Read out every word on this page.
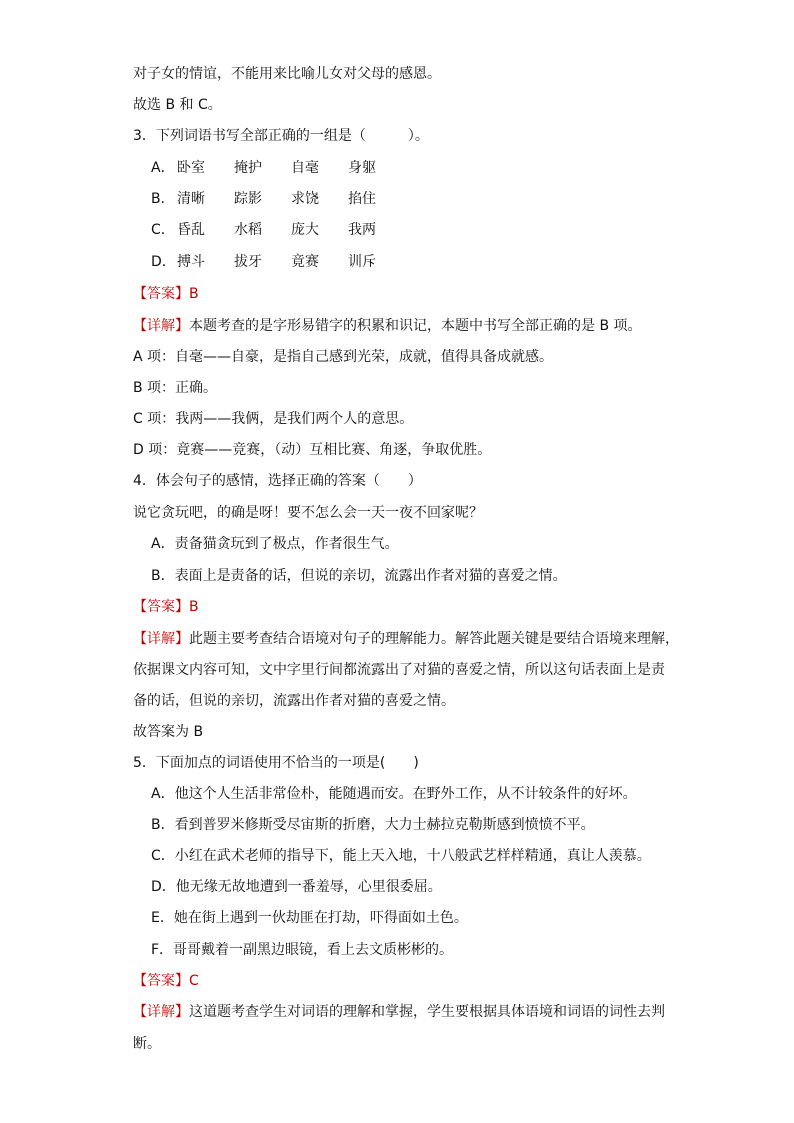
对子女的情谊，不能用来比喻儿女对父母的感恩。
故选 B 和 C。
3．下列词语书写全部正确的一组是（　　　）。
A． 卧室	掩护	自毫	身躯
B． 清晰	踪影	求饶	掐住
C． 昏乱	水稻	庞大	我两
D． 搏斗	拔牙	竟赛	训斥
【答案】B
【详解】本题考查的是字形易错字的积累和识记，本题中书写全部正确的是 B 项。
A 项：自毫——自豪，是指自己感到光荣，成就，值得具备成就感。
B 项：正确。
C 项：我两——我俩，是我们两个人的意思。
D 项：竟赛——竞赛，（动）互相比赛、角逐，争取优胜。
4．体会句子的感情，选择正确的答案（　　）
说它贪玩吧，的确是呀！要不怎么会一天一夜不回家呢？
A．责备猫贪玩到了极点，作者很生气。
B．表面上是责备的话，但说的亲切，流露出作者对猫的喜爱之情。
【答案】B
【详解】此题主要考查结合语境对句子的理解能力。解答此题关键是要结合语境来理解，
依据课文内容可知，文中字里行间都流露出了对猫的喜爱之情，所以这句话表面上是责
备的话，但说的亲切，流露出作者对猫的喜爱之情。
故答案为 B
5．下面加点的词语使用不恰当的一项是(　　)
A．他这个人生活非常俭朴，能随遇而安。在野外工作，从不计较条件的好坏。
B．看到普罗米修斯受尽宙斯的折磨，大力士赫拉克勒斯感到愤愤不平。
C．小红在武术老师的指导下，能上天入地，十八般武艺样样精通，真让人羡慕。
D．他无缘无故地遭到一番羞辱，心里很委屈。
E．她在街上遇到一伙劫匪在打劫，吓得面如土色。
F．哥哥戴着一副黑边眼镜，看上去文质彬彬的。
【答案】C
【详解】这道题考查学生对词语的理解和掌握，学生要根据具体语境和词语的词性去判
断。
